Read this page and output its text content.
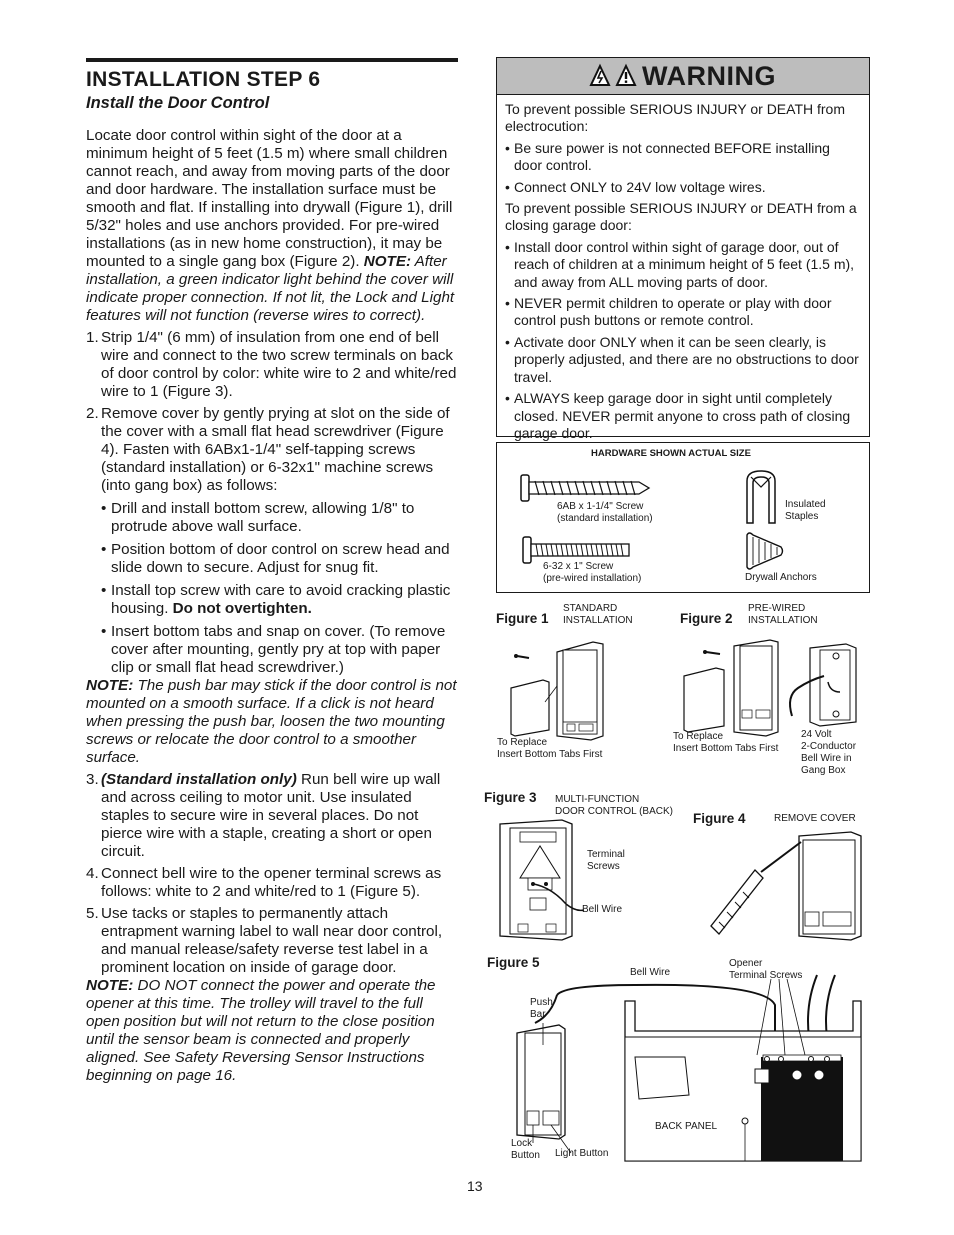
INSTALLATION STEP 6
Install the Door Control

Locate door control within sight of the door at a minimum height of 5 feet (1.5 m) where small children cannot reach, and away from moving parts of the door and door hardware. The installation surface must be smooth and flat. If installing into drywall (Figure 1), drill 5/32" holes and use anchors provided. For pre-wired installations (as in new home construction), it may be mounted to a single gang box (Figure 2). NOTE: After installation, a green indicator light behind the cover will indicate proper connection. If not lit, the Lock and Light features will not function (reverse wires to correct).

1. Strip 1/4" (6 mm) of insulation from one end of bell wire and connect to the two screw terminals on back of door control by color: white wire to 2 and white/red wire to 1 (Figure 3).
2. Remove cover by gently prying at slot on the side of the cover with a small flat head screwdriver (Figure 4). Fasten with 6ABx1-1/4" self-tapping screws (standard installation) or 6-32x1" machine screws (into gang box) as follows:
• Drill and install bottom screw, allowing 1/8" to protrude above wall surface.
• Position bottom of door control on screw head and slide down to secure. Adjust for snug fit.
• Install top screw with care to avoid cracking plastic housing. Do not overtighten.
• Insert bottom tabs and snap on cover. (To remove cover after mounting, gently pry at top with paper clip or small flat head screwdriver.)

NOTE: The push bar may stick if the door control is not mounted on a smooth surface. If a click is not heard when pressing the push bar, loosen the two mounting screws or relocate the door control to a smoother surface.

3. (Standard installation only) Run bell wire up wall and across ceiling to motor unit. Use insulated staples to secure wire in several places. Do not pierce wire with a staple, creating a short or open circuit.
4. Connect bell wire to the opener terminal screws as follows: white to 2 and white/red to 1 (Figure 5).
5. Use tacks or staples to permanently attach entrapment warning label to wall near door control, and manual release/safety reverse test label in a prominent location on inside of garage door.

NOTE: DO NOT connect the power and operate the opener at this time. The trolley will travel to the full open position but will not return to the close position until the sensor beam is connected and properly aligned. See Safety Reversing Sensor Instructions beginning on page 16.

WARNING

To prevent possible SERIOUS INJURY or DEATH from electrocution:

• Be sure power is not connected BEFORE installing door control.
• Connect ONLY to 24V low voltage wires.

To prevent possible SERIOUS INJURY or DEATH from a closing garage door:

• Install door control within sight of garage door, out of reach of children at a minimum height of 5 feet (1.5 m), and away from ALL moving parts of door.
• NEVER permit children to operate or play with door control push buttons or remote control.
• Activate door ONLY when it can be seen clearly, is properly adjusted, and there are no obstructions to door travel.
• ALWAYS keep garage door in sight until completely closed. NEVER permit anyone to cross path of closing garage door.
HARDWARE SHOWN ACTUAL SIZE
6AB x 1-1/4" Screw
(standard installation)
6-32 x 1" Screw
(pre-wired installation)
Insulated
Staples
Drywall Anchors
Figure 1
STANDARD
INSTALLATION
To Replace
Insert Bottom Tabs First
Figure 2
PRE-WIRED
INSTALLATION
To Replace
Insert Bottom Tabs First
24 Volt
2-Conductor
Bell Wire in
Gang Box
Figure 3 MULTI-FUNCTION
DOOR CONTROL (BACK)
Terminal
Screws
Bell Wire
Figure 4	REMOVE COVER
Figure 5
Bell Wire
Opener
Terminal Screws
Push
Bar
BACK PANEL
Lock
Button Light Button
13
